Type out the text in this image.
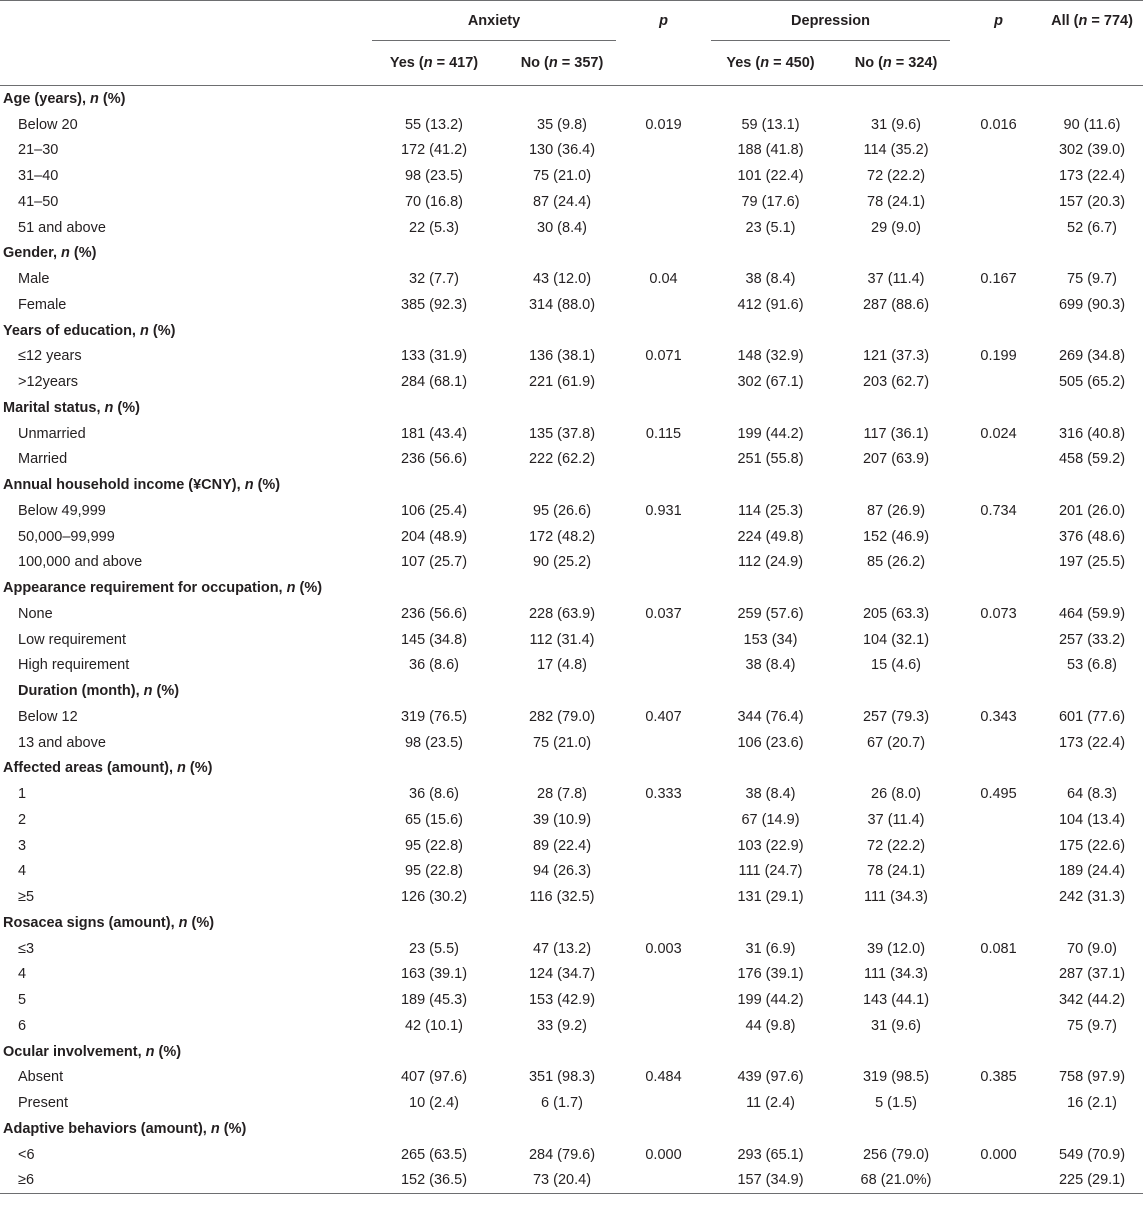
	Anxiety		p	Depression		p	All (n = 774)
	Yes (n = 417)	No (n = 357)		Yes (n = 450)	No (n = 324)		
Age (years), n (%)							
Below 20	55 (13.2)	35 (9.8)	0.019	59 (13.1)	31 (9.6)	0.016	90 (11.6)
21–30	172 (41.2)	130 (36.4)		188 (41.8)	114 (35.2)		302 (39.0)
31–40	98 (23.5)	75 (21.0)		101 (22.4)	72 (22.2)		173 (22.4)
41–50	70 (16.8)	87 (24.4)		79 (17.6)	78 (24.1)		157 (20.3)
51 and above	22 (5.3)	30 (8.4)		23 (5.1)	29 (9.0)		52 (6.7)
Gender, n (%)							
Male	32 (7.7)	43 (12.0)	0.04	38 (8.4)	37 (11.4)	0.167	75 (9.7)
Female	385 (92.3)	314 (88.0)		412 (91.6)	287 (88.6)		699 (90.3)
Years of education, n (%)							
≤12 years	133 (31.9)	136 (38.1)	0.071	148 (32.9)	121 (37.3)	0.199	269 (34.8)
>12years	284 (68.1)	221 (61.9)		302 (67.1)	203 (62.7)		505 (65.2)
Marital status, n (%)							
Unmarried	181 (43.4)	135 (37.8)	0.115	199 (44.2)	117 (36.1)	0.024	316 (40.8)
Married	236 (56.6)	222 (62.2)		251 (55.8)	207 (63.9)		458 (59.2)
Annual household income (¥CNY), n (%)							
Below 49,999	106 (25.4)	95 (26.6)	0.931	114 (25.3)	87 (26.9)	0.734	201 (26.0)
50,000–99,999	204 (48.9)	172 (48.2)		224 (49.8)	152 (46.9)		376 (48.6)
100,000 and above	107 (25.7)	90 (25.2)		112 (24.9)	85 (26.2)		197 (25.5)
Appearance requirement for occupation, n (%)							
None	236 (56.6)	228 (63.9)	0.037	259 (57.6)	205 (63.3)	0.073	464 (59.9)
Low requirement	145 (34.8)	112 (31.4)		153 (34)	104 (32.1)		257 (33.2)
High requirement	36 (8.6)	17 (4.8)		38 (8.4)	15 (4.6)		53 (6.8)
Duration (month), n (%)							
Below 12	319 (76.5)	282 (79.0)	0.407	344 (76.4)	257 (79.3)	0.343	601 (77.6)
13 and above	98 (23.5)	75 (21.0)		106 (23.6)	67 (20.7)		173 (22.4)
Affected areas (amount), n (%)							
1	36 (8.6)	28 (7.8)	0.333	38 (8.4)	26 (8.0)	0.495	64 (8.3)
2	65 (15.6)	39 (10.9)		67 (14.9)	37 (11.4)		104 (13.4)
3	95 (22.8)	89 (22.4)		103 (22.9)	72 (22.2)		175 (22.6)
4	95 (22.8)	94 (26.3)		111 (24.7)	78 (24.1)		189 (24.4)
≥5	126 (30.2)	116 (32.5)		131 (29.1)	111 (34.3)		242 (31.3)
Rosacea signs (amount), n (%)							
≤3	23 (5.5)	47 (13.2)	0.003	31 (6.9)	39 (12.0)	0.081	70 (9.0)
4	163 (39.1)	124 (34.7)		176 (39.1)	111 (34.3)		287 (37.1)
5	189 (45.3)	153 (42.9)		199 (44.2)	143 (44.1)		342 (44.2)
6	42 (10.1)	33 (9.2)		44 (9.8)	31 (9.6)		75 (9.7)
Ocular involvement, n (%)							
Absent	407 (97.6)	351 (98.3)	0.484	439 (97.6)	319 (98.5)	0.385	758 (97.9)
Present	10 (2.4)	6 (1.7)		11 (2.4)	5 (1.5)		16 (2.1)
Adaptive behaviors (amount), n (%)							
<6	265 (63.5)	284 (79.6)	0.000	293 (65.1)	256 (79.0)	0.000	549 (70.9)
≥6	152 (36.5)	73 (20.4)		157 (34.9)	68 (21.0%)		225 (29.1)
